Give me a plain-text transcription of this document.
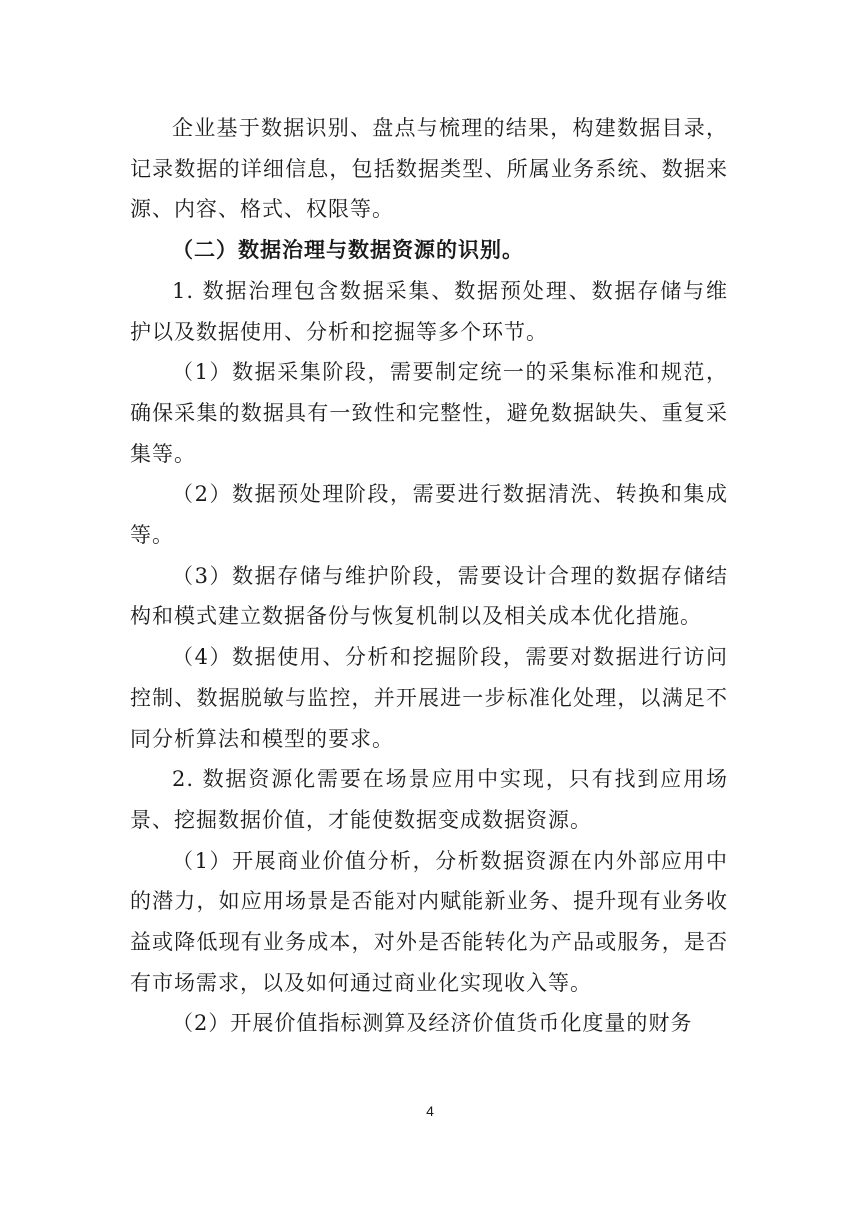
企业基于数据识别、盘点与梳理的结果，构建数据目录，记录数据的详细信息，包括数据类型、所属业务系统、数据来源、内容、格式、权限等。

（二）数据治理与数据资源的识别。

1. 数据治理包含数据采集、数据预处理、数据存储与维护以及数据使用、分析和挖掘等多个环节。

（1）数据采集阶段，需要制定统一的采集标准和规范，确保采集的数据具有一致性和完整性，避免数据缺失、重复采集等。

（2）数据预处理阶段，需要进行数据清洗、转换和集成等。

（3）数据存储与维护阶段，需要设计合理的数据存储结构和模式建立数据备份与恢复机制以及相关成本优化措施。

（4）数据使用、分析和挖掘阶段，需要对数据进行访问控制、数据脱敏与监控，并开展进一步标准化处理，以满足不同分析算法和模型的要求。

2. 数据资源化需要在场景应用中实现，只有找到应用场景、挖掘数据价值，才能使数据变成数据资源。

（1）开展商业价值分析，分析数据资源在内外部应用中的潜力，如应用场景是否能对内赋能新业务、提升现有业务收益或降低现有业务成本，对外是否能转化为产品或服务，是否有市场需求，以及如何通过商业化实现收入等。

（2）开展价值指标测算及经济价值货币化度量的财务

4
